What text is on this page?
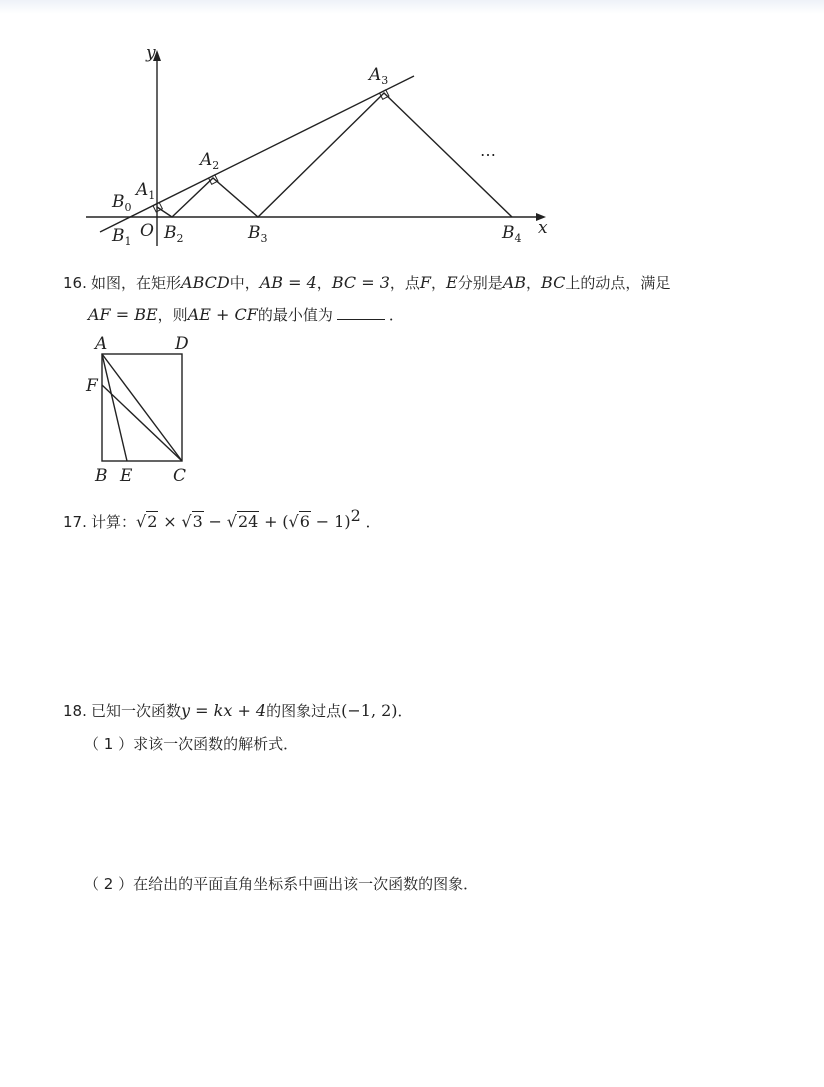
y
x
O
$A_1$
$A_2$
$A_3$
$B_0$
$B_1$ $B_2$	$B_3$	$B_4$
…
16. 如图，在矩形ABCD中，AB = 4，BC = 3，点F，E分别是AB，BC上的动点，满足
AF = BE，则AE + CF的最小值为	．
A	D
F
B E C
17. 计算：$√2 \times √3 - √24 + (√6 - 1)^2$ ．
18. 已知一次函数y = kx + 4的图象过点(−1, 2)．
（ 1 ）求该一次函数的解析式．
（ 2 ）在给出的平面直角坐标系中画出该一次函数的图象．
